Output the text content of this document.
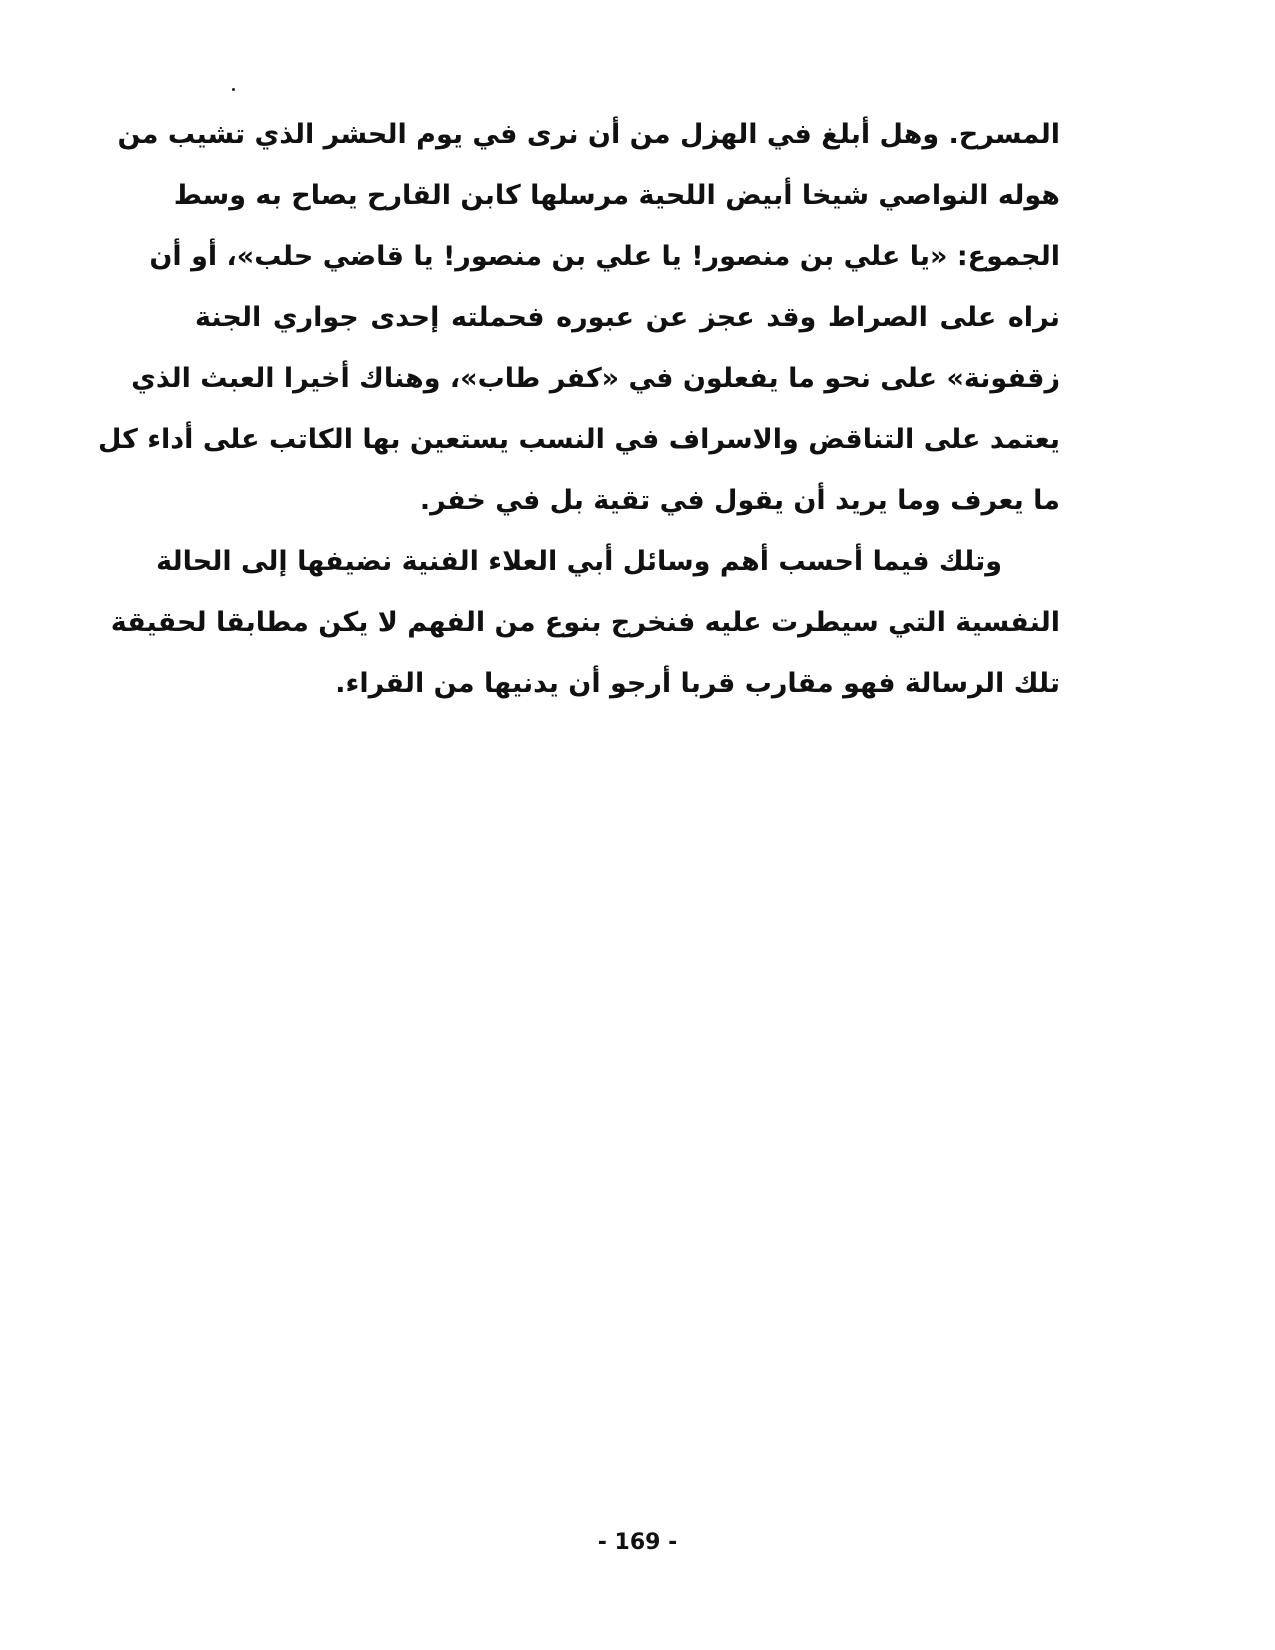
المسرح. وهل أبلغ في الهزل من أن نرى في يوم الحشر الذي تشيب من
هوله النواصي شيخا أبيض اللحية مرسلها كابن القارح يصاح به وسط
الجموع: «يا علي بن منصور! يا علي بن منصور! يا قاضي حلب»، أو أن
نراه على الصراط وقد عجز عن عبوره فحملته إحدى جواري الجنة
زقفونة» على نحو ما يفعلون في «كفر طاب»، وهناك أخيرا العبث الذي
يعتمد على التناقض والاسراف في النسب يستعين بها الكاتب على أداء كل
ما يعرف وما يريد أن يقول في تقية بل في خفر.
وتلك فيما أحسب أهم وسائل أبي العلاء الفنية نضيفها إلى الحالة
النفسية التي سيطرت عليه فنخرج بنوع من الفهم لا يكن مطابقا لحقيقة
تلك الرسالة فهو مقارب قربا أرجو أن يدنيها من القراء.
- 169 -
